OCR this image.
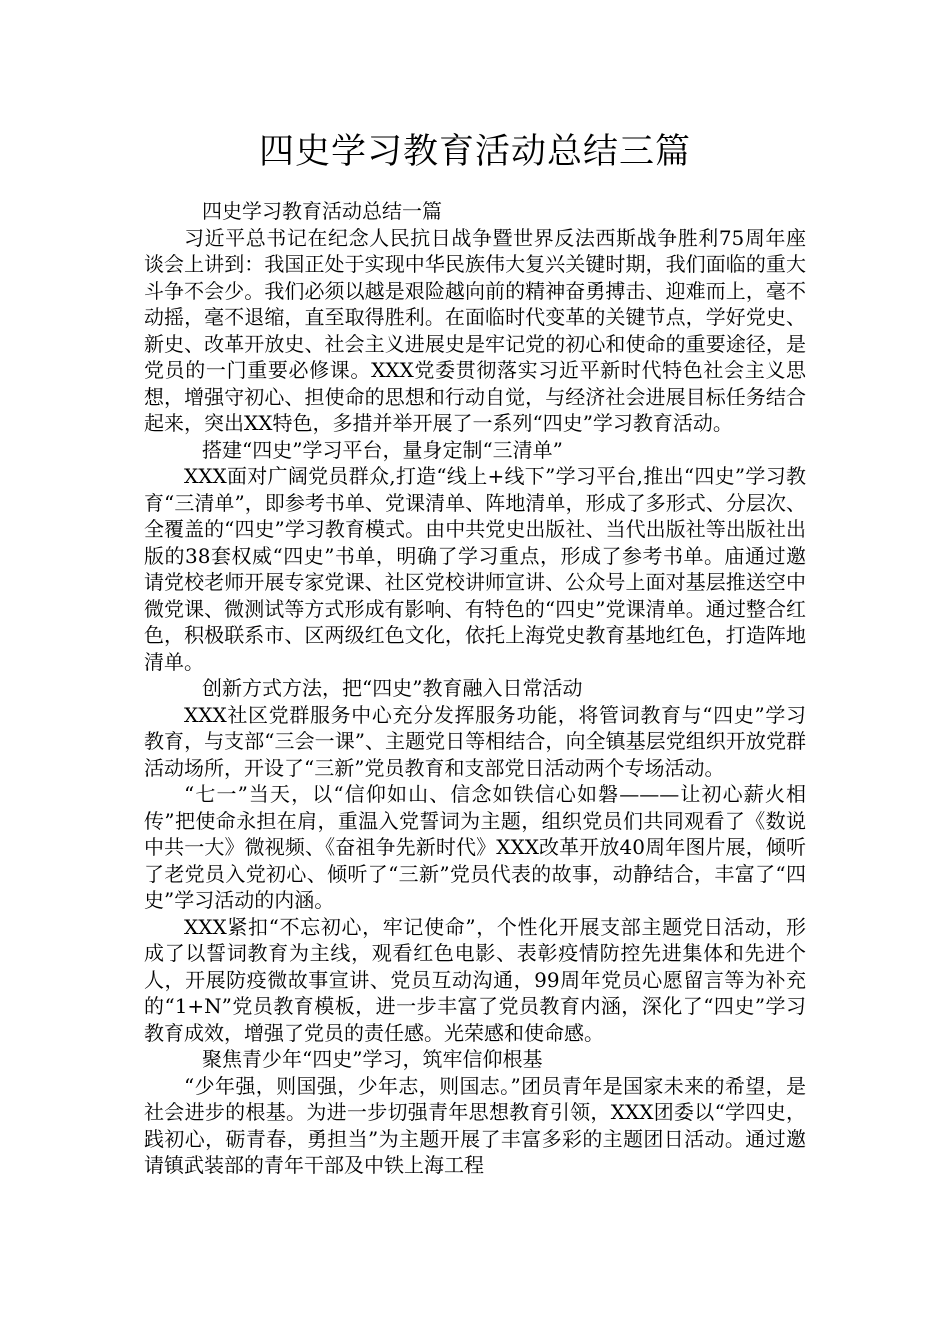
四史学习教育活动总结三篇

四史学习教育活动总结一篇

习近平总书记在纪念人民抗日战争暨世界反法西斯战争胜利75周年座谈会上讲到：我国正处于实现中华民族伟大复兴关键时期，我们面临的重大斗争不会少。我们必须以越是艰险越向前的精神奋勇搏击、迎难而上，毫不动摇，毫不退缩，直至取得胜利。在面临时代变革的关键节点，学好党史、新史、改革开放史、社会主义进展史是牢记党的初心和使命的重要途径，是党员的一门重要必修课。XXX党委贯彻落实习近平新时代特色社会主义思想，增强守初心、担使命的思想和行动自觉，与经济社会进展目标任务结合起来，突出XX特色，多措并举开展了一系列“四史”学习教育活动。

搭建“四史”学习平台，量身定制“三清单”

XXX面对广阔党员群众,打造“线上+线下”学习平台,推出“四史”学习教育“三清单”，即参考书单、党课清单、阵地清单，形成了多形式、分层次、全覆盖的“四史”学习教育模式。由中共党史出版社、当代出版社等出版社出版的38套权威“四史”书单，明确了学习重点，形成了参考书单。庙通过邀请党校老师开展专家党课、社区党校讲师宣讲、公众号上面对基层推送空中微党课、微测试等方式形成有影响、有特色的“四史”党课清单。通过整合红色，积极联系市、区两级红色文化，依托上海党史教育基地红色，打造阵地清单。

创新方式方法，把“四史”教育融入日常活动

XXX社区党群服务中心充分发挥服务功能，将管词教育与“四史”学习教育，与支部“三会一课”、主题党日等相结合，向全镇基层党组织开放党群活动场所，开设了“三新”党员教育和支部党日活动两个专场活动。

“七一”当天，以“信仰如山、信念如铁信心如磐———让初心薪火相传”把使命永担在肩，重温入党誓词为主题，组织党员们共同观看了《数说中共一大》微视频、《奋祖争先新时代》XXX改革开放40周年图片展，倾听了老党员入党初心、倾听了“三新”党员代表的故事，动静结合，丰富了“四史”学习活动的内涵。

XXX紧扣“不忘初心，牢记使命”，个性化开展支部主题党日活动，形成了以誓词教育为主线，观看红色电影、表彰疫情防控先进集体和先进个人，开展防疫微故事宣讲、党员互动沟通，99周年党员心愿留言等为补充的“1+N”党员教育模板，进一步丰富了党员教育内涵，深化了“四史”学习教育成效，增强了党员的责任感。光荣感和使命感。

聚焦青少年“四史”学习，筑牢信仰根基

“少年强，则国强，少年志，则国志。”团员青年是国家未来的希望，是社会进步的根基。为进一步切强青年思想教育引领，XXX团委以“学四史，践初心，砺青春，勇担当”为主题开展了丰富多彩的主题团日活动。通过邀请镇武装部的青年干部及中铁上海工程
